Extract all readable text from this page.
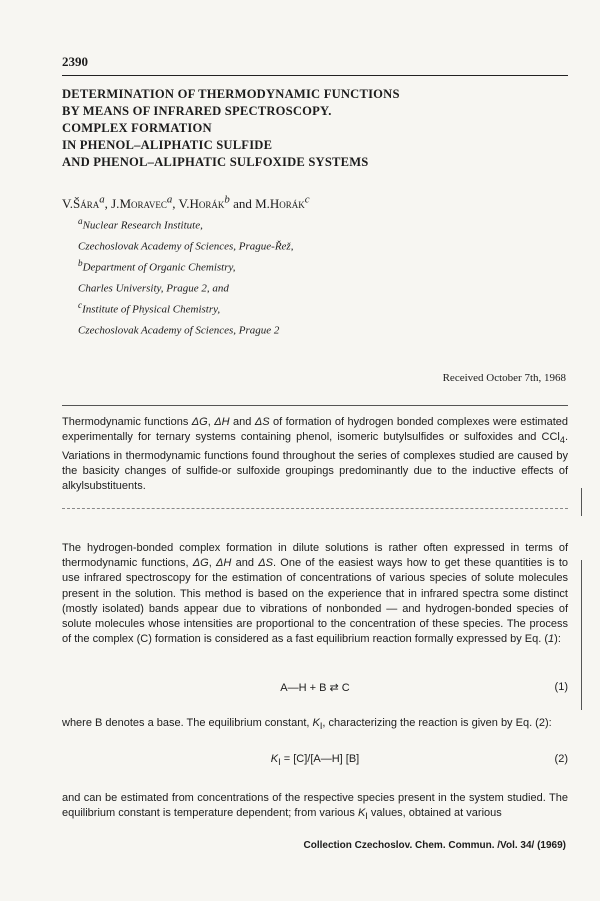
2390
DETERMINATION OF THERMODYNAMIC FUNCTIONS
BY MEANS OF INFRARED SPECTROSCOPY.
COMPLEX FORMATION
IN PHENOL–ALIPHATIC SULFIDE
AND PHENOL–ALIPHATIC SULFOXIDE SYSTEMS
V.Šára$^a$, J.Moravec$^a$, V.Horák$^b$ and M.Horák$^c$
$^a$Nuclear Research Institute,
Czechoslovak Academy of Sciences, Prague-Řež,
$^b$Department of Organic Chemistry,
Charles University, Prague 2, and
$^c$Institute of Physical Chemistry,
Czechoslovak Academy of Sciences, Prague 2
Received October 7th, 1968

Thermodynamic functions ΔG, ΔH and ΔS of formation of hydrogen bonded complexes were estimated experimentally for ternary systems containing phenol, isomeric butylsulfides or sulfoxides and CCl$_4$. Variations in thermodynamic functions found throughout the series of complexes studied are caused by the basicity changes of sulfide-or sulfoxide groupings predominantly due to the inductive effects of alkylsubstituents.

The hydrogen-bonded complex formation in dilute solutions is rather often expressed in terms of thermodynamic functions, ΔG, ΔH and ΔS. One of the easiest ways how to get these quantities is to use infrared spectroscopy for the estimation of concentrations of various species of solute molecules present in the solution. This method is based on the experience that in infrared spectra some distinct (mostly isolated) bands appear due to vibrations of nonbonded — and hydrogen-bonded species of solute molecules whose intensities are proportional to the concentration of these species. The process of the complex (C) formation is considered as a fast equilibrium reaction formally expressed by Eq. (1):

A—H + B ⇄ C	(1)

where B denotes a base. The equilibrium constant, $K_I$, characterizing the reaction is given by Eq. (2):

$K_I$ = [C]/[A—H] [B]	(2)

and can be estimated from concentrations of the respective species present in the system studied. The equilibrium constant is temperature dependent; from various $K_I$ values, obtained at various

Collection Czechoslov. Chem. Commun. /Vol. 34/ (1969)
